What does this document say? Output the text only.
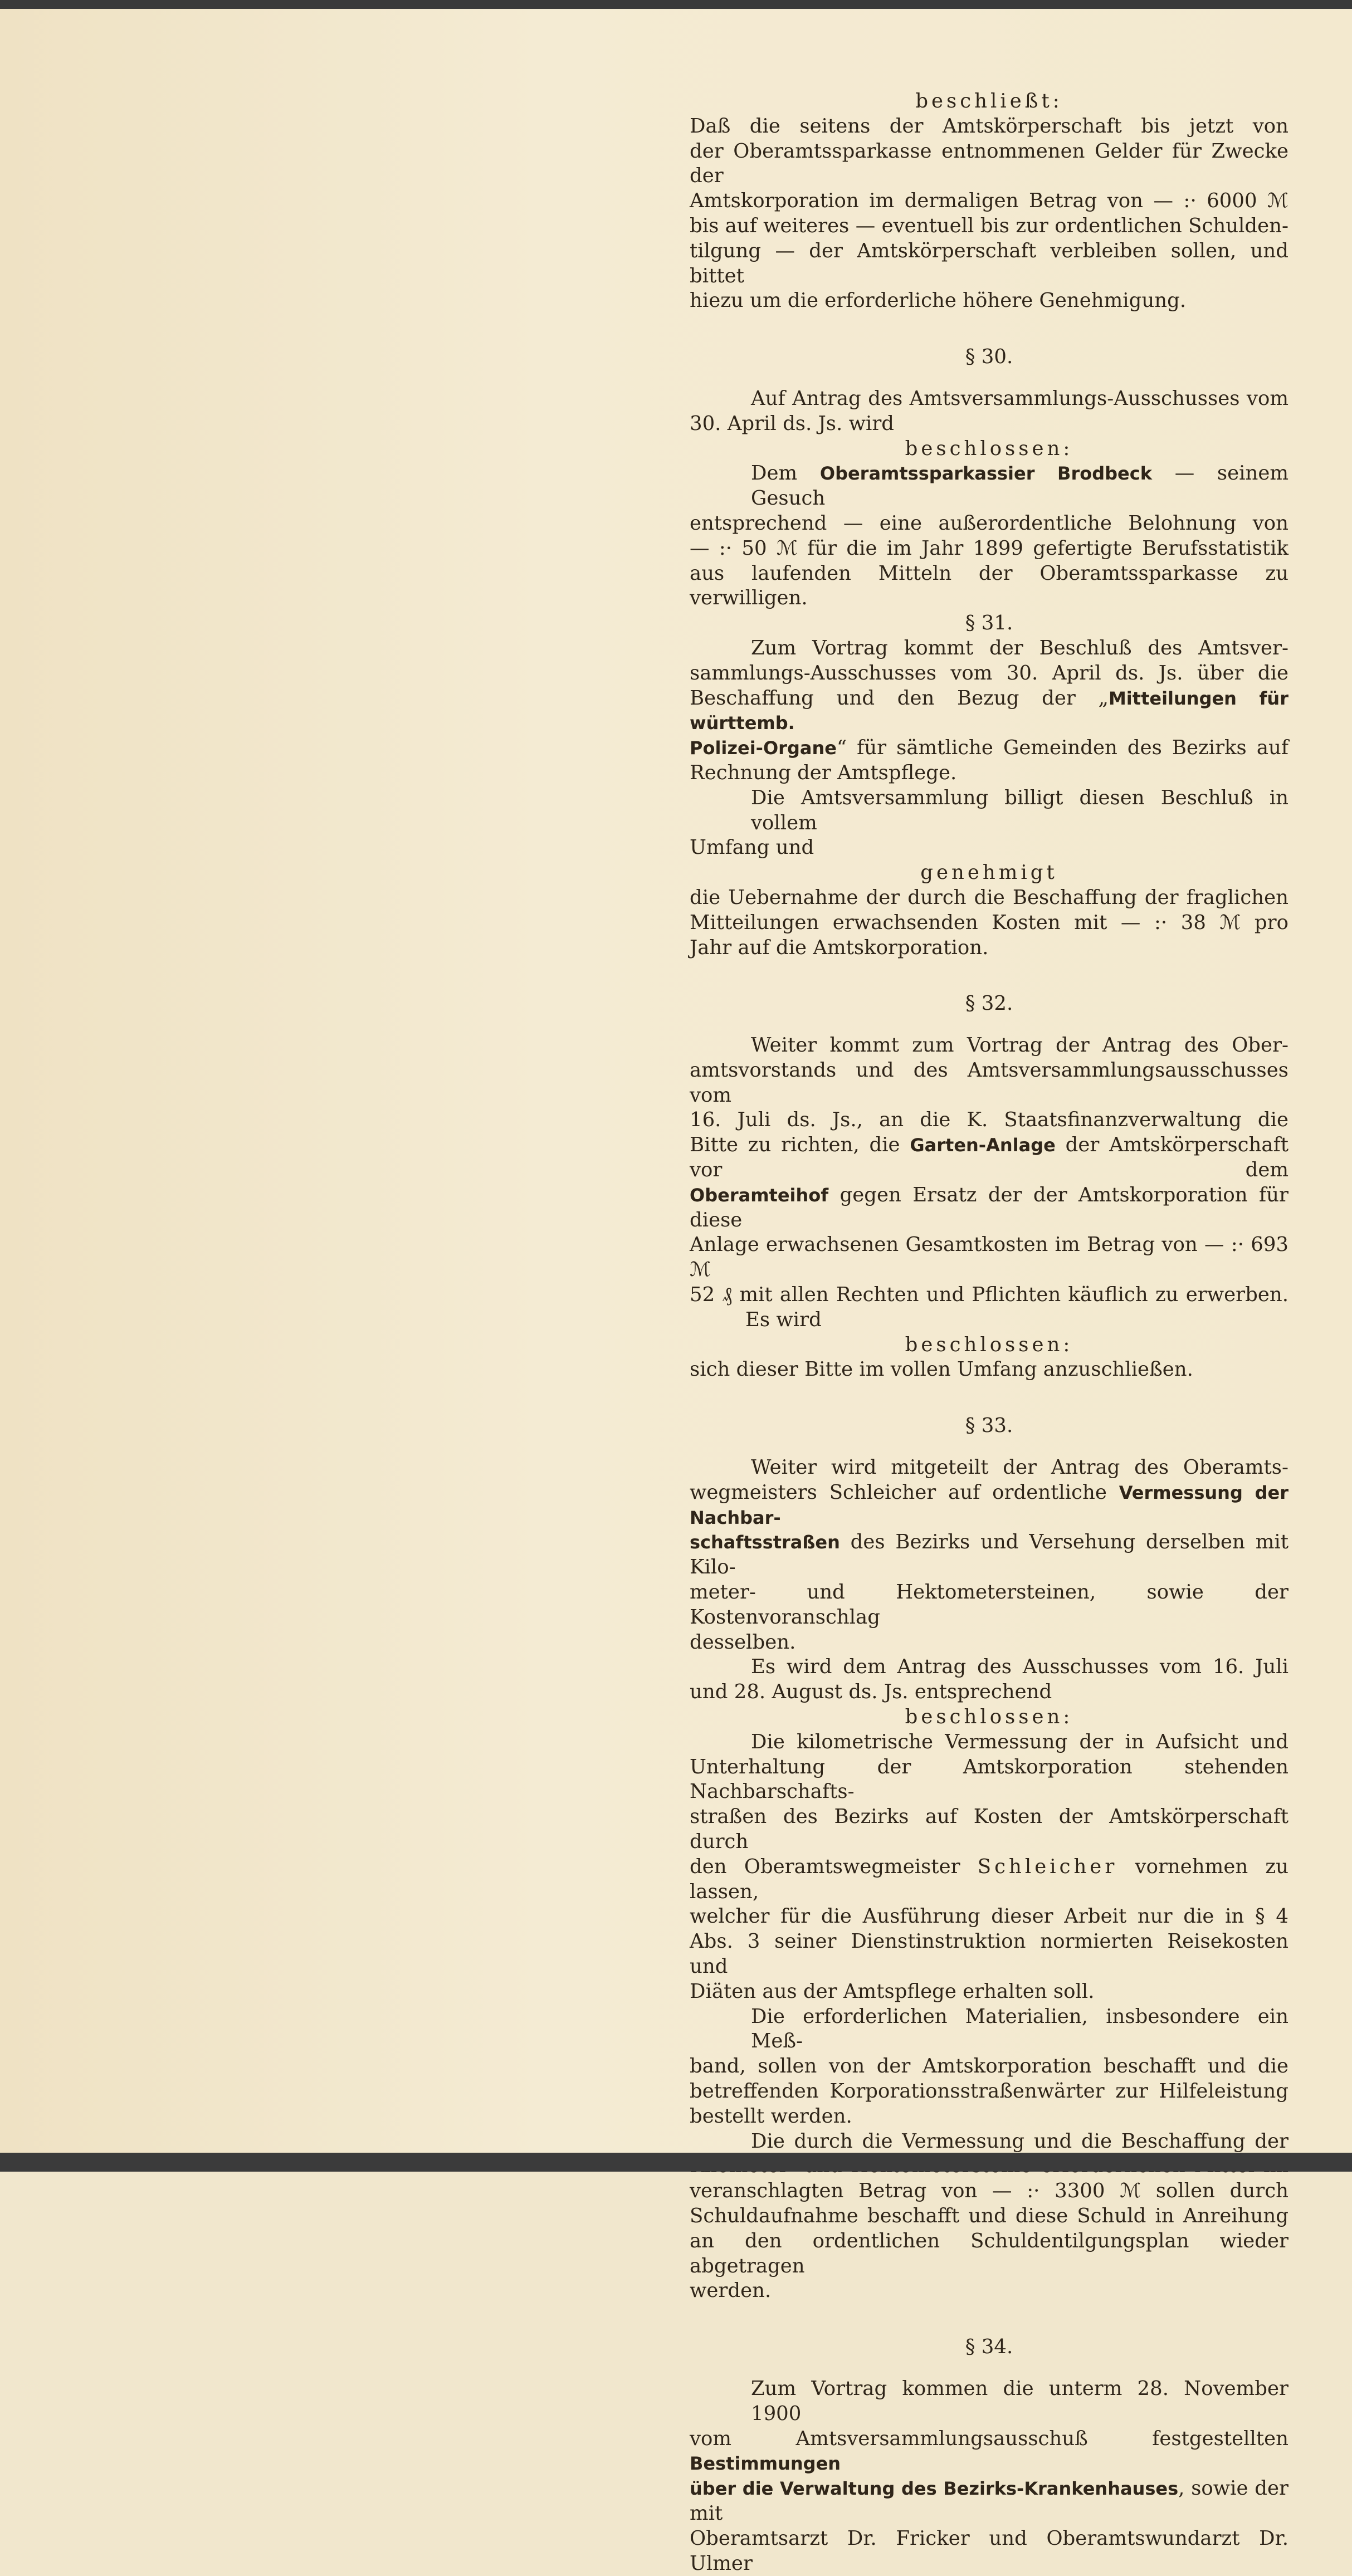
beschließt:

Daß die seitens der Amtskörperschaft bis jetzt von
der Oberamtssparkasse entnommenen Gelder für Zwecke der
Amtskorporation im dermaligen Betrag von — :· 6000 ℳ
bis auf weiteres — eventuell bis zur ordentlichen Schulden-
tilgung — der Amtskörperschaft verbleiben sollen, und bittet
hiezu um die erforderliche höhere Genehmigung.

§ 30.

Auf Antrag des Amtsversammlungs-Ausschusses vom
30. April ds. Js. wird

beschlossen:

Dem Oberamtssparkassier Brodbeck — seinem Gesuch
entsprechend — eine außerordentliche Belohnung von
— :· 50 ℳ für die im Jahr 1899 gefertigte Berufsstatistik
aus laufenden Mitteln der Oberamtssparkasse zu verwilligen.

§ 31.

Zum Vortrag kommt der Beschluß des Amtsver-
sammlungs-Ausschusses vom 30. April ds. Js. über die
Beschaffung und den Bezug der „Mitteilungen für württemb.
Polizei-Organe“ für sämtliche Gemeinden des Bezirks auf
Rechnung der Amtspflege.
Die Amtsversammlung billigt diesen Beschluß in vollem
Umfang und

genehmigt

die Uebernahme der durch die Beschaffung der fraglichen
Mitteilungen erwachsenden Kosten mit — :· 38 ℳ pro
Jahr auf die Amtskorporation.

§ 32.

Weiter kommt zum Vortrag der Antrag des Ober-
amtsvorstands und des Amtsversammlungsausschusses vom
16. Juli ds. Js., an die K. Staatsfinanzverwaltung die
Bitte zu richten, die Garten-Anlage der Amtskörperschaft vor dem
Oberamteihof gegen Ersatz der der Amtskorporation für diese
Anlage erwachsenen Gesamtkosten im Betrag von — :· 693 ℳ
52 ₰ mit allen Rechten und Pflichten käuflich zu erwerben.
Es wird

beschlossen:

sich dieser Bitte im vollen Umfang anzuschließen.

§ 33.

Weiter wird mitgeteilt der Antrag des Oberamts-
wegmeisters Schleicher auf ordentliche Vermessung der Nachbar-
schaftsstraßen des Bezirks und Versehung derselben mit Kilo-
meter- und Hektometersteinen, sowie der Kostenvoranschlag
desselben.
Es wird dem Antrag des Ausschusses vom 16. Juli
und 28. August ds. Js. entsprechend

beschlossen:

Die kilometrische Vermessung der in Aufsicht und
Unterhaltung der Amtskorporation stehenden Nachbarschafts-
straßen des Bezirks auf Kosten der Amtskörperschaft durch
den Oberamtswegmeister Schleicher vornehmen zu lassen,
welcher für die Ausführung dieser Arbeit nur die in § 4
Abs. 3 seiner Dienstinstruktion normierten Reisekosten und
Diäten aus der Amtspflege erhalten soll.
Die erforderlichen Materialien, insbesondere ein Meß-
band, sollen von der Amtskorporation beschafft und die
betreffenden Korporationsstraßenwärter zur Hilfeleistung
bestellt werden.
Die durch die Vermessung und die Beschaffung der
veranschlagten Betrag von — :· 3300 ℳ sollen durch
Schuldaufnahme beschafft und diese Schuld in Anreihung
an den ordentlichen Schuldentilgungsplan wieder abgetragen
werden.

§ 34.

Zum Vortrag kommen die unterm 28. November 1900
vom Amtsversammlungsausschuß festgestellten Bestimmungen
über die Verwaltung des Bezirks-Krankenhauses, sowie der mit
Oberamtsarzt Dr. Fricker und Oberamtswundarzt Dr. Ulmer
